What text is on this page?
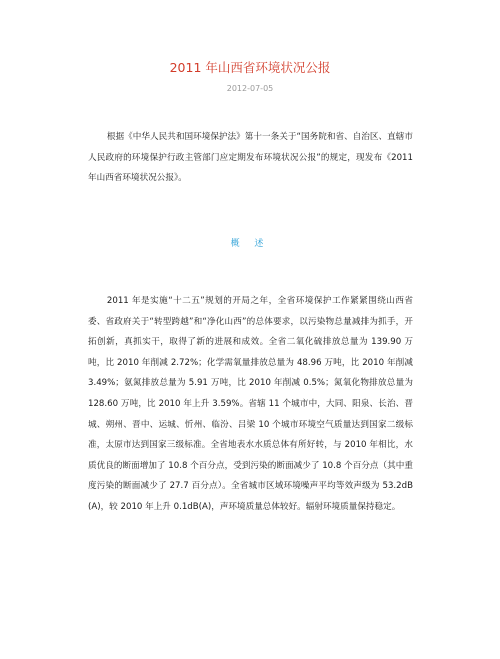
2011 年山西省环境状况公报
2012-07-05

根据《中华人民共和国环境保护法》第十一条关于“国务院和省、自治区、直辖市人民政府的环境保护行政主管部门应定期发布环境状况公报”的规定，现发布《2011 年山西省环境状况公报》。

概 述

2011 年是实施“十二五”规划的开局之年，全省环境保护工作紧紧围绕山西省委、省政府关于“转型跨越”和“净化山西”的总体要求，以污染物总量减排为抓手，开拓创新，真抓实干，取得了新的进展和成效。全省二氧化硫排放总量为 139.90 万吨，比 2010 年削减 2.72%；化学需氧量排放总量为 48.96 万吨，比 2010 年削减 3.49%；氨氮排放总量为 5.91 万吨，比 2010 年削减 0.5%；氮氧化物排放总量为 128.60 万吨，比 2010 年上升 3.59%。省辖 11 个城市中，大同、阳泉、长治、晋城、朔州、晋中、运城、忻州、临汾、吕梁 10 个城市环境空气质量达到国家二级标准，太原市达到国家三级标准。全省地表水水质总体有所好转，与 2010 年相比，水质优良的断面增加了 10.8 个百分点，受到污染的断面减少了 10.8 个百分点（其中重度污染的断面减少了 27.7 百分点）。全省城市区域环境噪声平均等效声级为 53.2dB(A)，较 2010 年上升 0.1dB(A)，声环境质量总体较好。辐射环境质量保持稳定。
